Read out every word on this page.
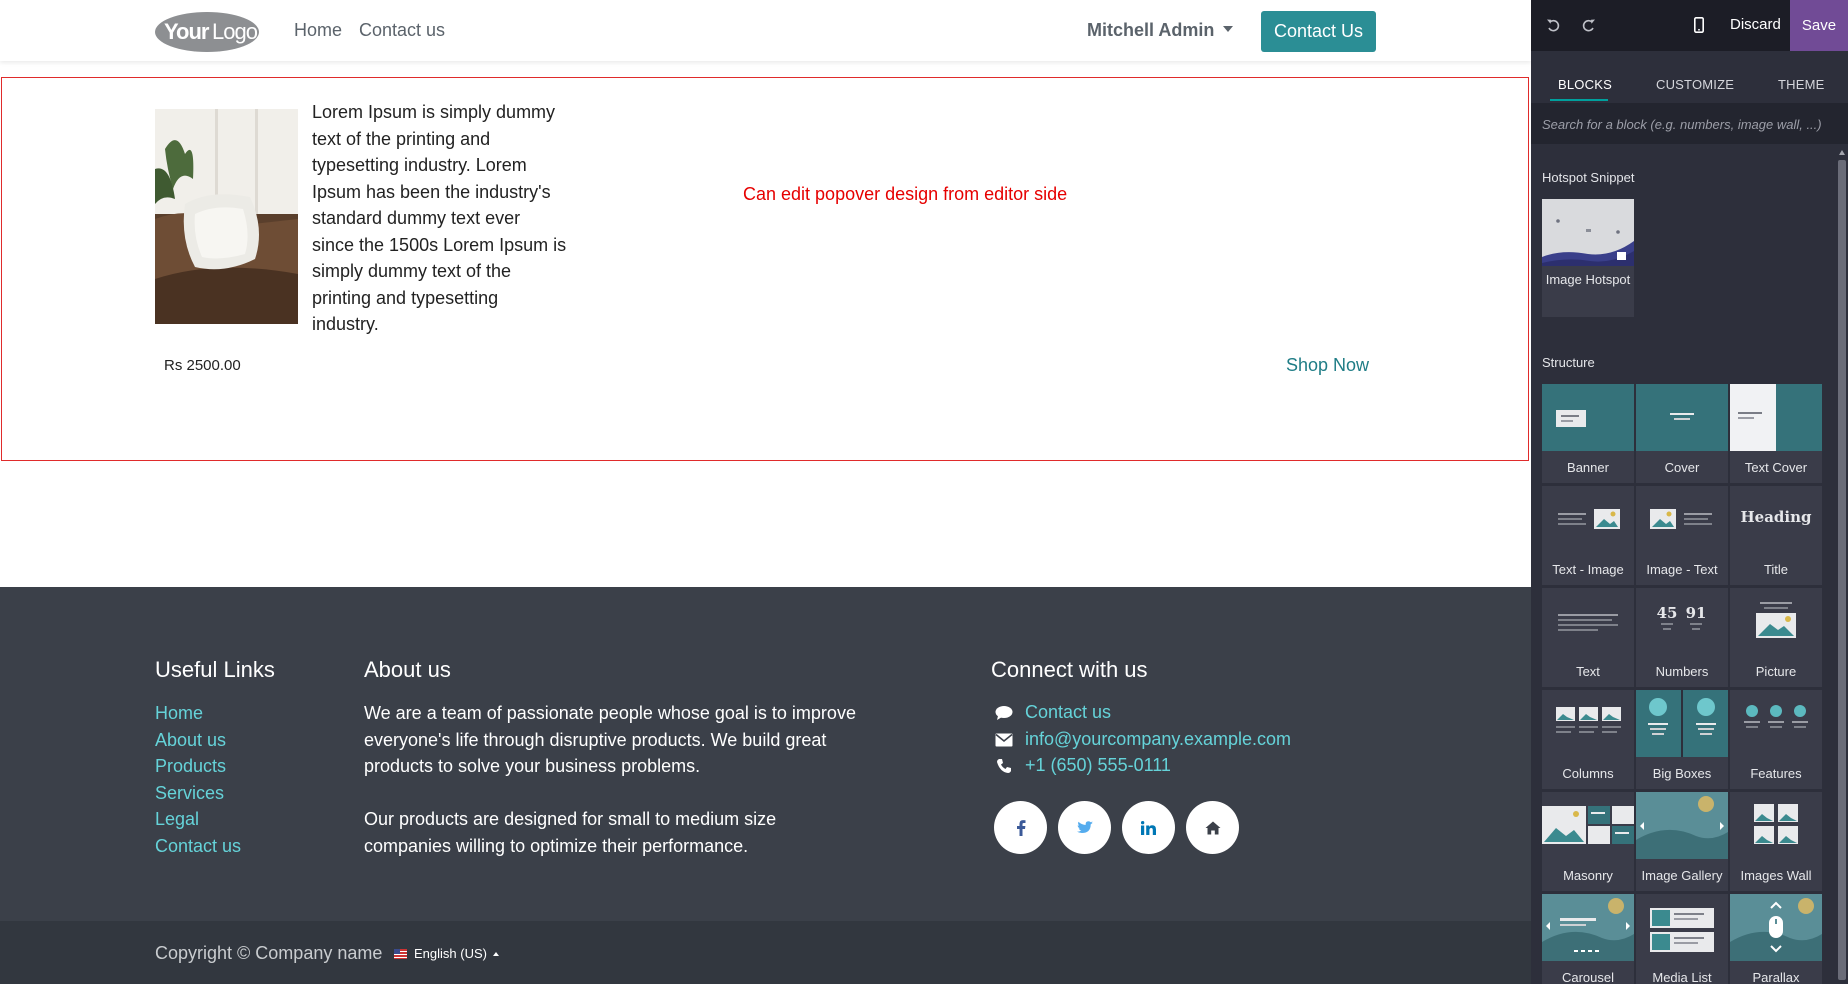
Your Logo Home Contact us	Mitchell Admin	Contact Us
Lorem Ipsum is simply dummy text of the printing and typesetting industry. Lorem Ipsum has been the industry's standard dummy text ever since the 1500s Lorem Ipsum is simply dummy text of the printing and typesetting industry.
Can edit popover design from editor side
Rs 2500.00	Shop Now
Useful Links	About us	Connect with us
Home
About us
Products
Services
Legal
Contact us

We are a team of passionate people whose goal is to improve everyone's life through disruptive products. We build great products to solve your business problems.

Our products are designed for small to medium size companies willing to optimize their performance.

Contact us
info@yourcompany.example.com
+1 (650) 555-0111
Copyright © Company name English (US)
Discard	Save
BLOCKS	CUSTOMIZE	THEME
Search for a block (e.g. numbers, image wall, ...)
Hotspot Snippet
Image Hotspot
Structure
Banner	Cover	Text Cover
Text - Image	Image - Text
Heading
Title
Text
45 91
Numbers	Picture
Columns	Big Boxes	Features
Masonry	Image Gallery	Images Wall
Carousel	Media List	Parallax
